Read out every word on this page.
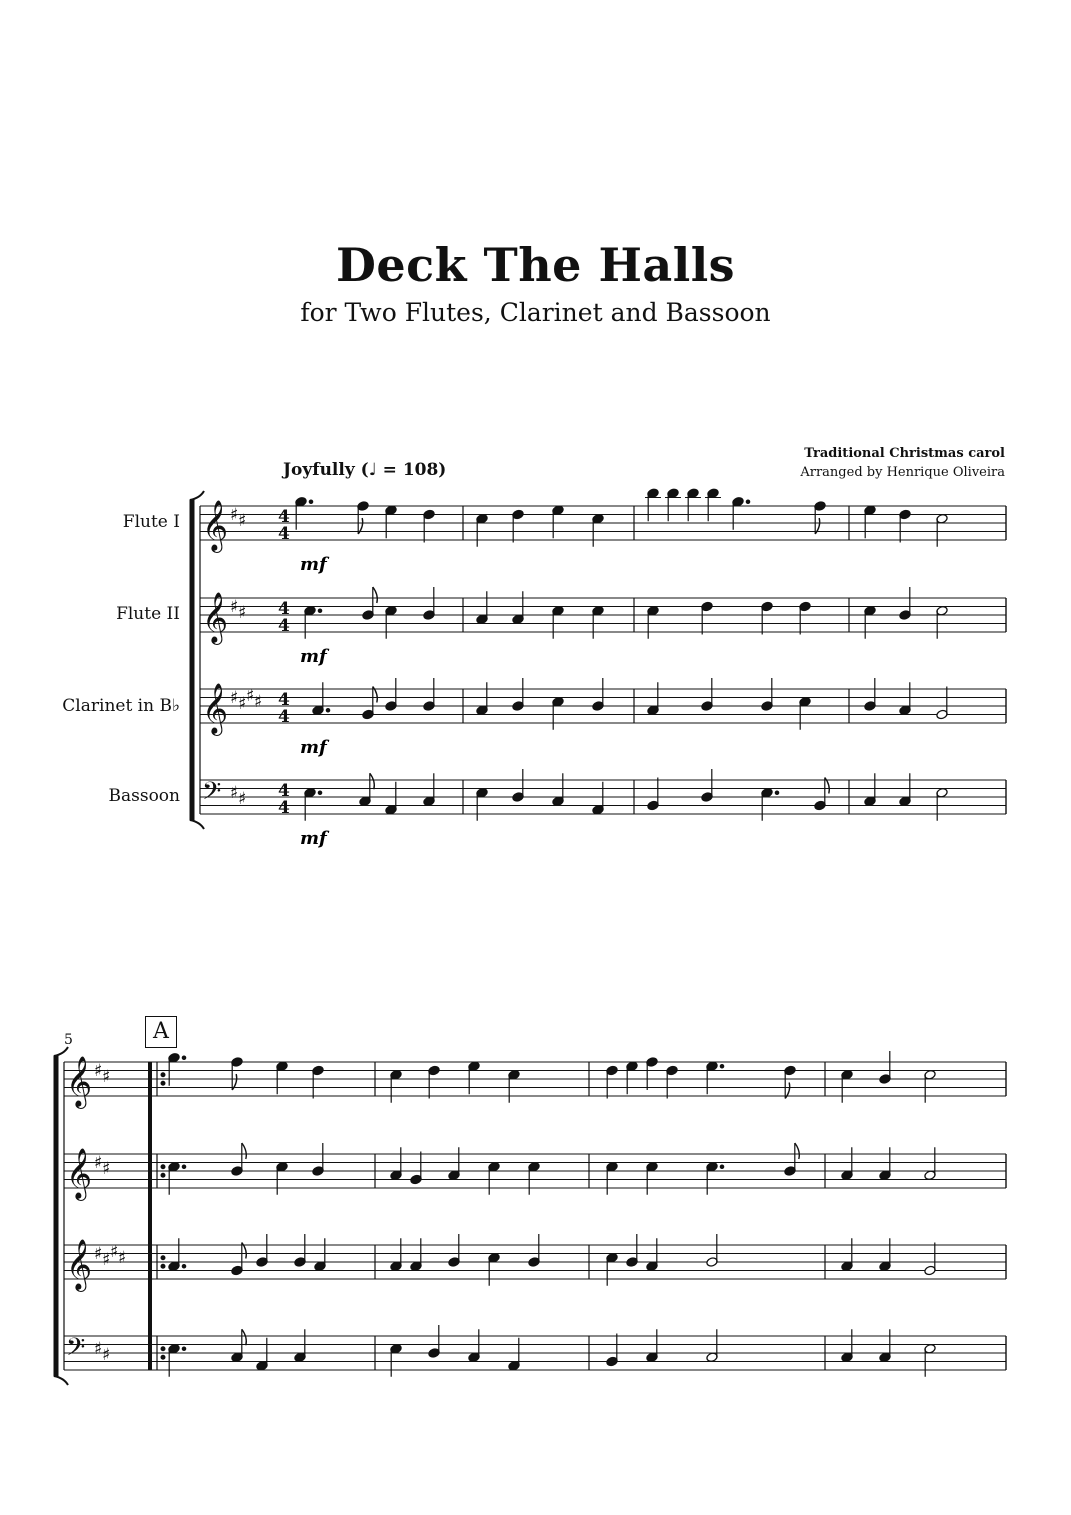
Deck The Halls
for Two Flutes, Clarinet and Bassoon
Traditional Christmas carol
Arranged by Henrique Oliveira
Joyfully (♩ = 108)
Flute I
Flute II
Clarinet in B♭
Bassoon
5	A
𝄞
𝄞
𝄞
𝄢
𝄞
𝄞
𝄞
𝄢
♯ ♯
♯ ♯
♯ ♯ ♯ ♯
♯ ♯
♯ ♯
♯ ♯
♯ ♯ ♯ ♯
♯ ♯
4
4
4
4
4
4
4
4
mf
mf
mf
mf
